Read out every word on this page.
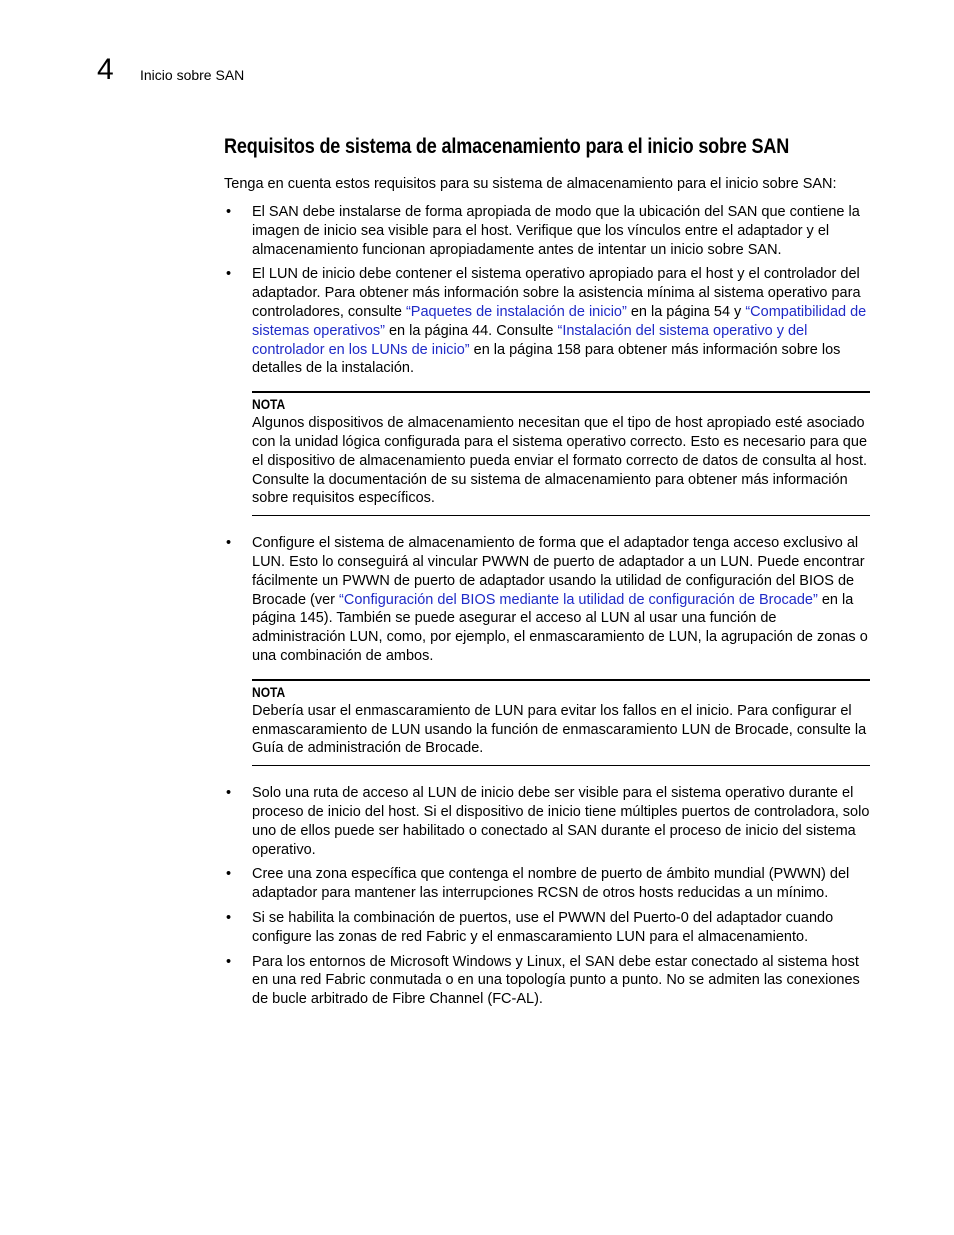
4 Inicio sobre SAN
Requisitos de sistema de almacenamiento para el inicio sobre SAN

Tenga en cuenta estos requisitos para su sistema de almacenamiento para el inicio sobre SAN:

• El SAN debe instalarse de forma apropiada de modo que la ubicación del SAN que contiene la imagen de inicio sea visible para el host. Verifique que los vínculos entre el adaptador y el almacenamiento funcionan apropiadamente antes de intentar un inicio sobre SAN.
• El LUN de inicio debe contener el sistema operativo apropiado para el host y el controlador del adaptador. Para obtener más información sobre la asistencia mínima al sistema operativo para controladores, consulte “Paquetes de instalación de inicio” en la página 54 y “Compatibilidad de sistemas operativos” en la página 44. Consulte “Instalación del sistema operativo y del controlador en los LUNs de inicio” en la página 158 para obtener más información sobre los detalles de la instalación.
NOTA
Algunos dispositivos de almacenamiento necesitan que el tipo de host apropiado esté asociado con la unidad lógica configurada para el sistema operativo correcto. Esto es necesario para que el dispositivo de almacenamiento pueda enviar el formato correcto de datos de consulta al host. Consulte la documentación de su sistema de almacenamiento para obtener más información sobre requisitos específicos.
• Configure el sistema de almacenamiento de forma que el adaptador tenga acceso exclusivo al LUN. Esto lo conseguirá al vincular PWWN de puerto de adaptador a un LUN. Puede encontrar fácilmente un PWWN de puerto de adaptador usando la utilidad de configuración del BIOS de Brocade (ver “Configuración del BIOS mediante la utilidad de configuración de Brocade” en la página 145). También se puede asegurar el acceso al LUN al usar una función de administración LUN, como, por ejemplo, el enmascaramiento de LUN, la agrupación de zonas o una combinación de ambos.
NOTA
Debería usar el enmascaramiento de LUN para evitar los fallos en el inicio. Para configurar el enmascaramiento de LUN usando la función de enmascaramiento LUN de Brocade, consulte la Guía de administración de Brocade.
• Solo una ruta de acceso al LUN de inicio debe ser visible para el sistema operativo durante el proceso de inicio del host. Si el dispositivo de inicio tiene múltiples puertos de controladora, solo uno de ellos puede ser habilitado o conectado al SAN durante el proceso de inicio del sistema operativo.
• Cree una zona específica que contenga el nombre de puerto de ámbito mundial (PWWN) del adaptador para mantener las interrupciones RCSN de otros hosts reducidas a un mínimo.
• Si se habilita la combinación de puertos, use el PWWN del Puerto-0 del adaptador cuando configure las zonas de red Fabric y el enmascaramiento LUN para el almacenamiento.
• Para los entornos de Microsoft Windows y Linux, el SAN debe estar conectado al sistema host en una red Fabric conmutada o en una topología punto a punto. No se admiten las conexiones de bucle arbitrado de Fibre Channel (FC-AL).
